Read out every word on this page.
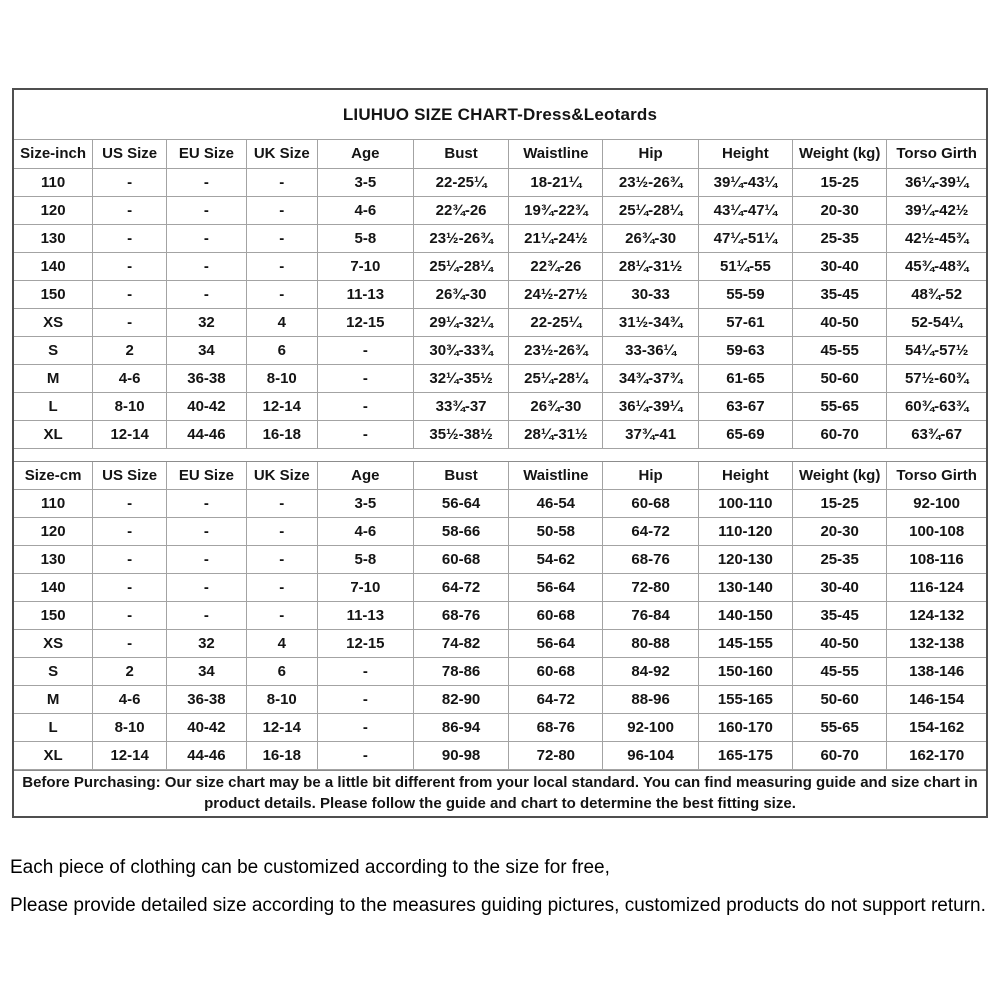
LIUHUO SIZE CHART-Dress&Leotards
Size-inch	US Size	EU Size	UK Size	Age	Bust	Waistline	Hip	Height	Weight (kg)	Torso Girth
110	-	-	-	3-5	22-25¼	18-21¼	23½-26¾	39¼-43¼	15-25	36¼-39¼
120	-	-	-	4-6	22¾-26	19¾-22¾	25¼-28¼	43¼-47¼	20-30	39¼-42½
130	-	-	-	5-8	23½-26¾	21¼-24½	26¾-30	47¼-51¼	25-35	42½-45¾
140	-	-	-	7-10	25¼-28¼	22¾-26	28¼-31½	51¼-55	30-40	45¾-48¾
150	-	-	-	11-13	26¾-30	24½-27½	30-33	55-59	35-45	48¾-52
XS	-	32	4	12-15	29¼-32¼	22-25¼	31½-34¾	57-61	40-50	52-54¼
S	2	34	6	-	30¾-33¾	23½-26¾	33-36¼	59-63	45-55	54¼-57½
M	4-6	36-38	8-10	-	32¼-35½	25¼-28¼	34¾-37¾	61-65	50-60	57½-60¾
L	8-10	40-42	12-14	-	33¾-37	26¾-30	36¼-39¼	63-67	55-65	60¾-63¾
XL	12-14	44-46	16-18	-	35½-38½	28¼-31½	37¾-41	65-69	60-70	63¾-67
Size-cm	US Size	EU Size	UK Size	Age	Bust	Waistline	Hip	Height	Weight (kg)	Torso Girth
110	-	-	-	3-5	56-64	46-54	60-68	100-110	15-25	92-100
120	-	-	-	4-6	58-66	50-58	64-72	110-120	20-30	100-108
130	-	-	-	5-8	60-68	54-62	68-76	120-130	25-35	108-116
140	-	-	-	7-10	64-72	56-64	72-80	130-140	30-40	116-124
150	-	-	-	11-13	68-76	60-68	76-84	140-150	35-45	124-132
XS	-	32	4	12-15	74-82	56-64	80-88	145-155	40-50	132-138
S	2	34	6	-	78-86	60-68	84-92	150-160	45-55	138-146
M	4-6	36-38	8-10	-	82-90	64-72	88-96	155-165	50-60	146-154
L	8-10	40-42	12-14	-	86-94	68-76	92-100	160-170	55-65	154-162
XL	12-14	44-46	16-18	-	90-98	72-80	96-104	165-175	60-70	162-170
Before Purchasing: Our size chart may be a little bit different from your local standard. You can find measuring guide and size chart in product details. Please follow the guide and chart to determine the best fitting size.
Each piece of clothing can be customized according to the size for free,
Please provide detailed size according to the measures guiding pictures, customized products do not support return.
